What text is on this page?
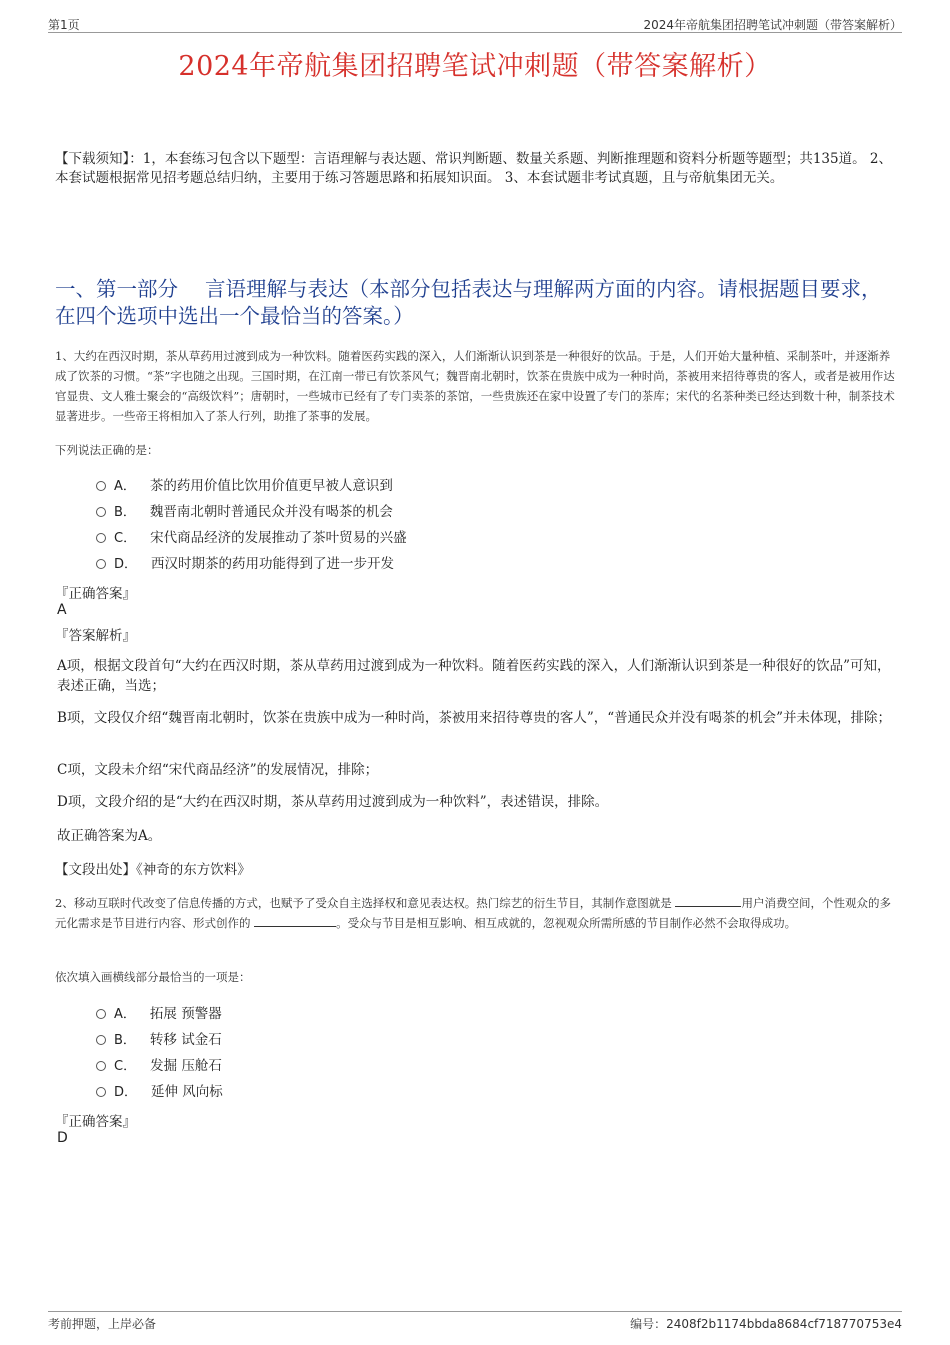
第1页	2024年帝航集团招聘笔试冲刺题（带答案解析）
2024年帝航集团招聘笔试冲刺题（带答案解析）
【下载须知】：1，本套练习包含以下题型：言语理解与表达题、常识判断题、数量关系题、判断推理题和资料分析题等题型；共135道。 2、本套试题根据常见招考题总结归纳，主要用于练习答题思路和拓展知识面。 3、本套试题非考试真题，且与帝航集团无关。
一、第一部分　 言语理解与表达（本部分包括表达与理解两方面的内容。请根据题目要求，在四个选项中选出一个最恰当的答案。）
1、大约在西汉时期，茶从草药用过渡到成为一种饮料。随着医药实践的深入，人们渐渐认识到茶是一种很好的饮品。于是，人们开始大量种植、采制茶叶，并逐渐养成了饮茶的习惯。“茶”字也随之出现。三国时期，在江南一带已有饮茶风气；魏晋南北朝时，饮茶在贵族中成为一种时尚，茶被用来招待尊贵的客人，或者是被用作达官显贵、文人雅士聚会的“高级饮料”；唐朝时，一些城市已经有了专门卖茶的茶馆，一些贵族还在家中设置了专门的茶库；宋代的名茶种类已经达到数十种，制茶技术显著进步。一些帝王将相加入了茶人行列，助推了茶事的发展。
下列说法正确的是：
A． 茶的药用价值比饮用价值更早被人意识到
B． 魏晋南北朝时普通民众并没有喝茶的机会
C． 宋代商品经济的发展推动了茶叶贸易的兴盛
D． 西汉时期茶的药用功能得到了进一步开发
『正确答案』
A
『答案解析』
A项，根据文段首句“大约在西汉时期，茶从草药用过渡到成为一种饮料。随着医药实践的深入，人们渐渐认识到茶是一种很好的饮品”可知，表述正确，当选；
B项，文段仅介绍“魏晋南北朝时，饮茶在贵族中成为一种时尚，茶被用来招待尊贵的客人”，“普通民众并没有喝茶的机会”并未体现，排除；
C项，文段未介绍“宋代商品经济”的发展情况，排除；
D项，文段介绍的是“大约在西汉时期，茶从草药用过渡到成为一种饮料”，表述错误，排除。
故正确答案为A。
【文段出处】《神奇的东方饮料》
2、移动互联时代改变了信息传播的方式，也赋予了受众自主选择权和意见表达权。热门综艺的衍生节目，其制作意图就是	用户消费空间，个性观众的多元化需求是节目进行内容、形式创作的	。受众与节目是相互影响、相互成就的，忽视观众所需所感的节目制作必然不会取得成功。
依次填入画横线部分最恰当的一项是：
A． 拓展 预警器
B． 转移 试金石
C． 发掘 压舱石
D． 延伸 风向标
『正确答案』
D
考前押题，上岸必备	编号：2408f2b1174bbda8684cf718770753e4
